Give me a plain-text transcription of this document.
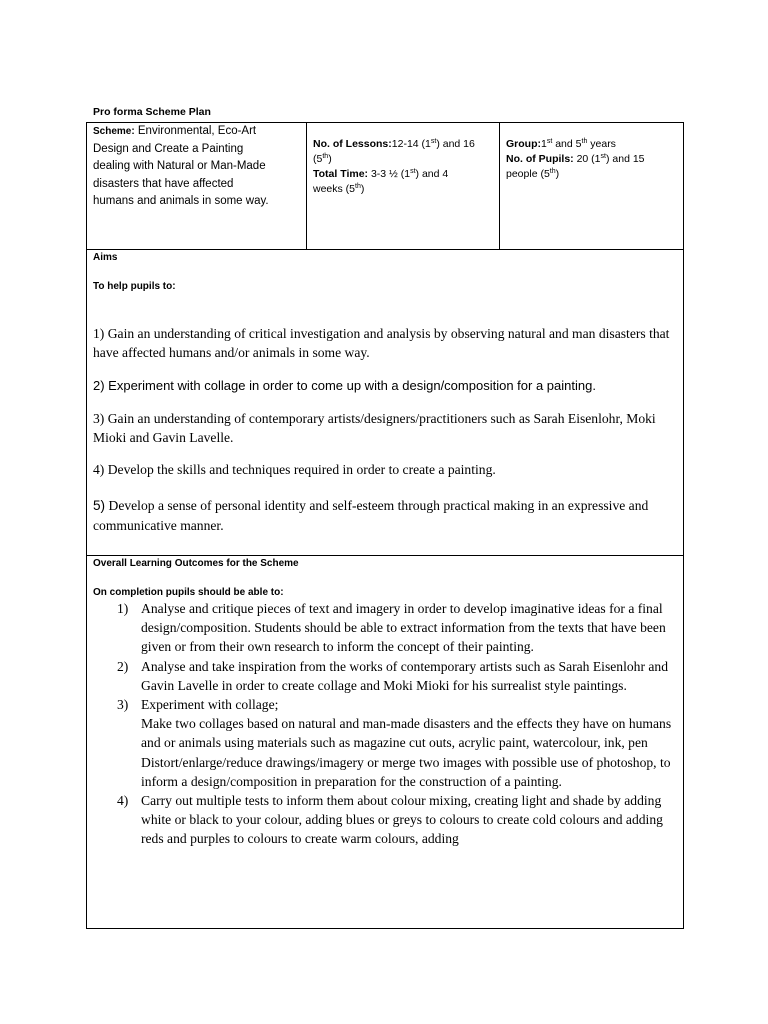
Pro forma Scheme Plan
Scheme: Environmental, Eco-Art
Design and Create a Painting
dealing with Natural or Man-Made
disasters that have affected
humans and animals in some way.
No. of Lessons:12-14 (1st) and 16
(5th)
Total Time: 3-3 ½ (1st) and 4
weeks (5th)
Group:1st and 5th years
No. of Pupils: 20 (1st) and 15
people (5th)
Aims
To help pupils to:
1) Gain an understanding of critical investigation and analysis by observing natural and man disasters that have affected humans and/or animals in some way.
2) Experiment with collage in order to come up with a design/composition for a painting.
3) Gain an understanding of contemporary artists/designers/practitioners such as Sarah Eisenlohr, Moki Mioki and Gavin Lavelle.
4) Develop the skills and techniques required in order to create a painting.
5) Develop a sense of personal identity and self-esteem through practical making in an expressive and communicative manner.
Overall Learning Outcomes for the Scheme
On completion pupils should be able to:
1) Analyse and critique pieces of text and imagery in order to develop imaginative ideas for a final design/composition. Students should be able to extract information from the texts that have been given or from their own research to inform the concept of their painting.
2) Analyse and take inspiration from the works of contemporary artists such as Sarah Eisenlohr and Gavin Lavelle in order to create collage and Moki Mioki for his surrealist style paintings.
3) Experiment with collage;
Make two collages based on natural and man-made disasters and the effects they have on humans and or animals using materials such as magazine cut outs, acrylic paint, watercolour, ink, pen
Distort/enlarge/reduce drawings/imagery or merge two images with possible use of photoshop, to inform a design/composition in preparation for the construction of a painting.
4) Carry out multiple tests to inform them about colour mixing, creating light and shade by adding white or black to your colour, adding blues or greys to colours to create cold colours and adding reds and purples to colours to create warm colours, adding
